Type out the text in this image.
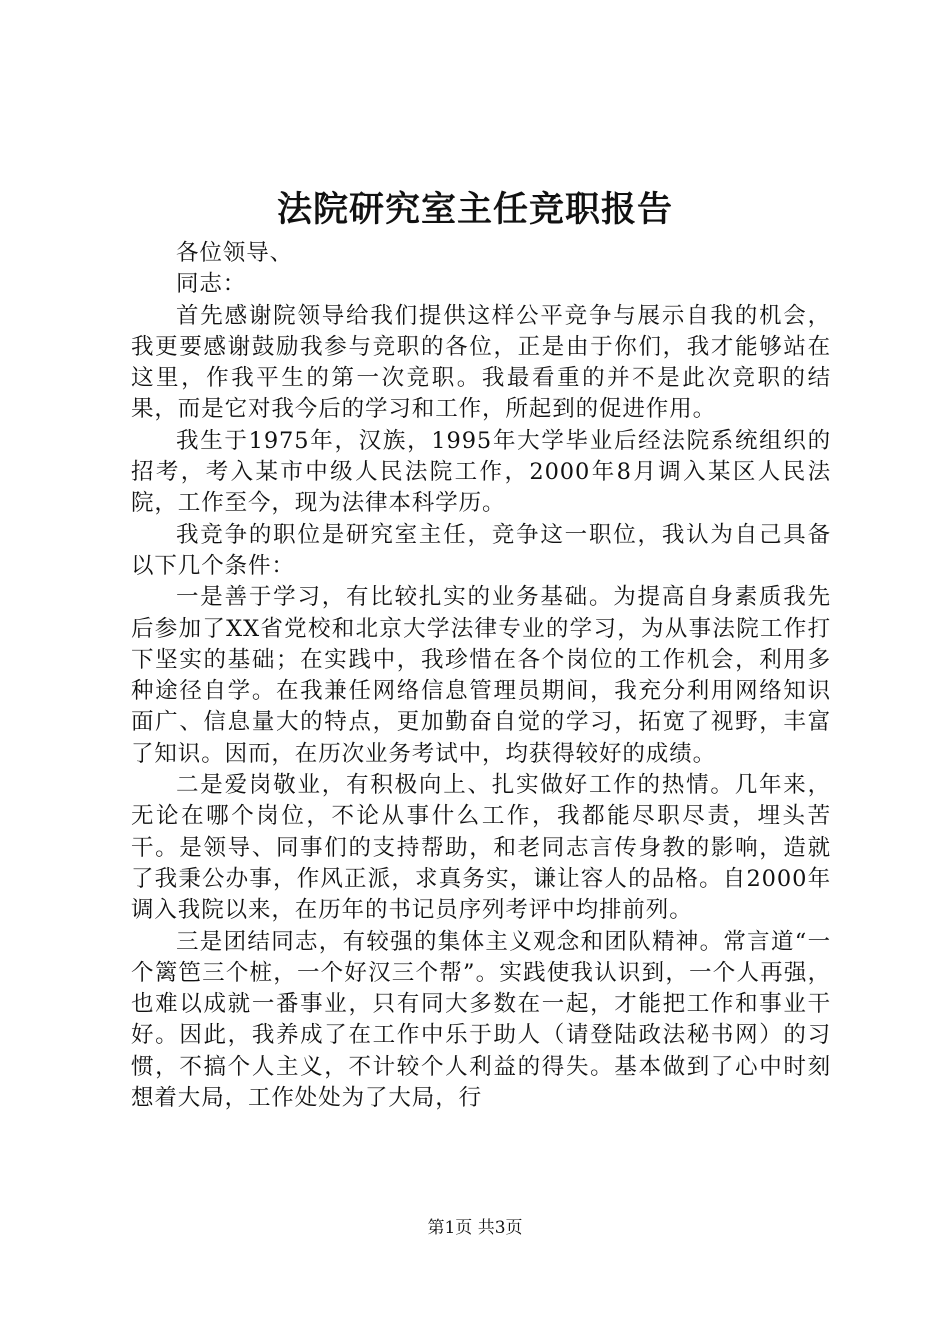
法院研究室主任竞职报告

各位领导、

同志：

首先感谢院领导给我们提供这样公平竞争与展示自我的机会，我更要感谢鼓励我参与竞职的各位，正是由于你们，我才能够站在这里，作我平生的第一次竞职。我最看重的并不是此次竞职的结果，而是它对我今后的学习和工作，所起到的促进作用。

我生于1975年，汉族，1995年大学毕业后经法院系统组织的招考，考入某市中级人民法院工作，2000年8月调入某区人民法院，工作至今，现为法律本科学历。

我竞争的职位是研究室主任，竞争这一职位，我认为自己具备以下几个条件：

一是善于学习，有比较扎实的业务基础。为提高自身素质我先后参加了XX省党校和北京大学法律专业的学习，为从事法院工作打下坚实的基础；在实践中，我珍惜在各个岗位的工作机会，利用多种途径自学。在我兼任网络信息管理员期间，我充分利用网络知识面广、信息量大的特点，更加勤奋自觉的学习，拓宽了视野，丰富了知识。因而，在历次业务考试中，均获得较好的成绩。

二是爱岗敬业，有积极向上、扎实做好工作的热情。几年来，无论在哪个岗位，不论从事什么工作，我都能尽职尽责，埋头苦干。是领导、同事们的支持帮助，和老同志言传身教的影响，造就了我秉公办事，作风正派，求真务实，谦让容人的品格。自2000年调入我院以来，在历年的书记员序列考评中均排前列。

三是团结同志，有较强的集体主义观念和团队精神。常言道“一个篱笆三个桩，一个好汉三个帮”。实践使我认识到，一个人再强，也难以成就一番事业，只有同大多数在一起，才能把工作和事业干好。因此，我养成了在工作中乐于助人（请登陆政法秘书网）的习惯，不搞个人主义，不计较个人利益的得失。基本做到了心中时刻想着大局，工作处处为了大局，行

第1页 共3页
